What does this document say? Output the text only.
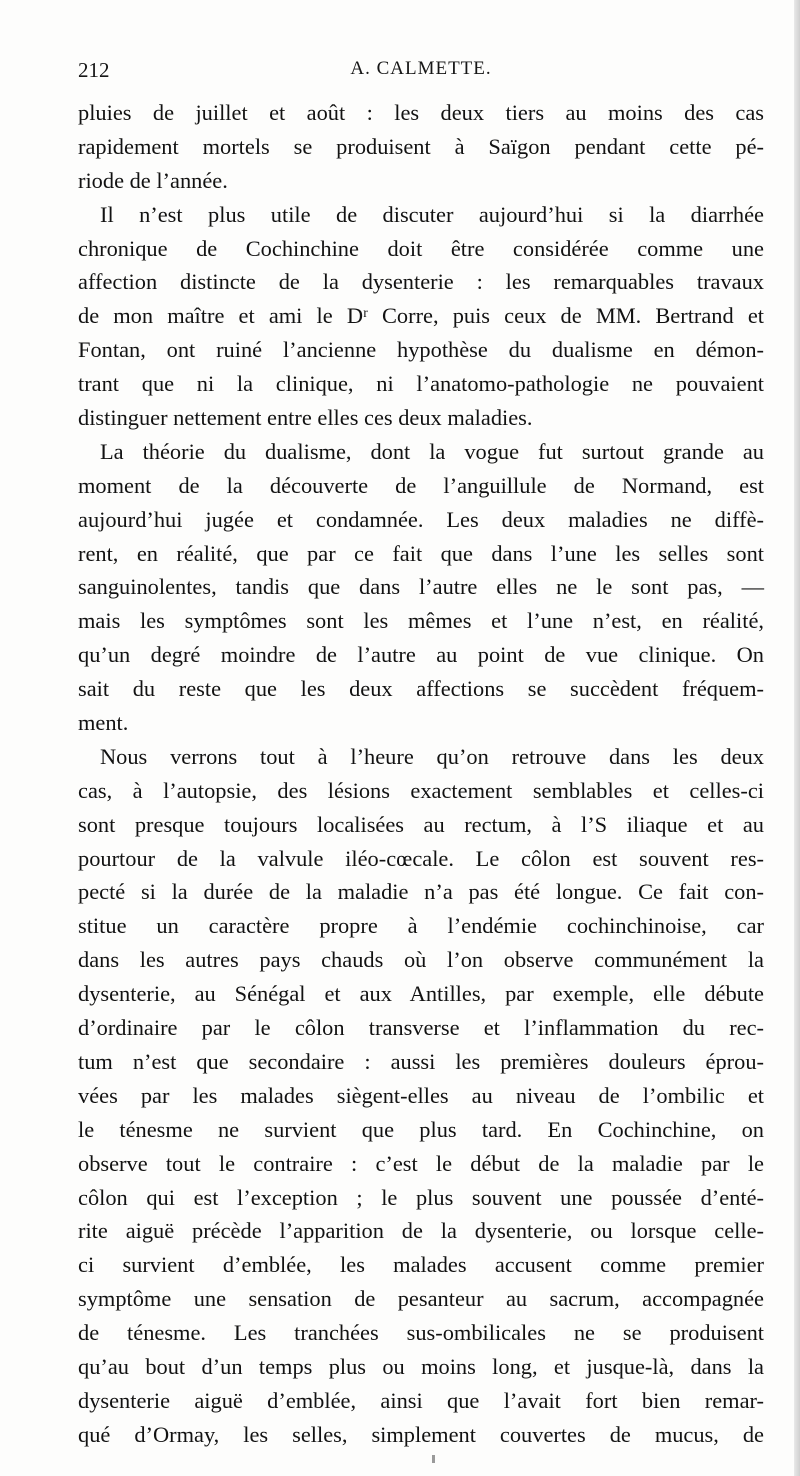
212	A. CALMETTE.
pluies de juillet et août : les deux tiers au moins des cas
rapidement mortels se produisent à Saïgon pendant cette pé-
riode de l’année.
Il n’est plus utile de discuter aujourd’hui si la diarrhée
chronique de Cochinchine doit être considérée comme une
affection distincte de la dysenterie : les remarquables travaux
de mon maître et ami le Dʳ Corre, puis ceux de MM. Bertrand et
Fontan, ont ruiné l’ancienne hypothèse du dualisme en démon-
trant que ni la clinique, ni l’anatomo-pathologie ne pouvaient
distinguer nettement entre elles ces deux maladies.
La théorie du dualisme, dont la vogue fut surtout grande au
moment de la découverte de l’anguillule de Normand, est
aujourd’hui jugée et condamnée. Les deux maladies ne diffè-
rent, en réalité, que par ce fait que dans l’une les selles sont
sanguinolentes, tandis que dans l’autre elles ne le sont pas, —
mais les symptômes sont les mêmes et l’une n’est, en réalité,
qu’un degré moindre de l’autre au point de vue clinique. On
sait du reste que les deux affections se succèdent fréquem-
ment.
Nous verrons tout à l’heure qu’on retrouve dans les deux
cas, à l’autopsie, des lésions exactement semblables et celles-ci
sont presque toujours localisées au rectum, à l’S iliaque et au
pourtour de la valvule iléo-cœcale. Le côlon est souvent res-
pecté si la durée de la maladie n’a pas été longue. Ce fait con-
stitue un caractère propre à l’endémie cochinchinoise, car
dans les autres pays chauds où l’on observe communément la
dysenterie, au Sénégal et aux Antilles, par exemple, elle débute
d’ordinaire par le côlon transverse et l’inflammation du rec-
tum n’est que secondaire : aussi les premières douleurs éprou-
vées par les malades siègent-elles au niveau de l’ombilic et
le ténesme ne survient que plus tard. En Cochinchine, on
observe tout le contraire : c’est le début de la maladie par le
côlon qui est l’exception ; le plus souvent une poussée d’enté-
rite aiguë précède l’apparition de la dysenterie, ou lorsque celle-
ci survient d’emblée, les malades accusent comme premier
symptôme une sensation de pesanteur au sacrum, accompagnée
de ténesme. Les tranchées sus-ombilicales ne se produisent
qu’au bout d’un temps plus ou moins long, et jusque-là, dans la
dysenterie aiguë d’emblée, ainsi que l’avait fort bien remar-
qué d’Ormay, les selles, simplement couvertes de mucus, de
